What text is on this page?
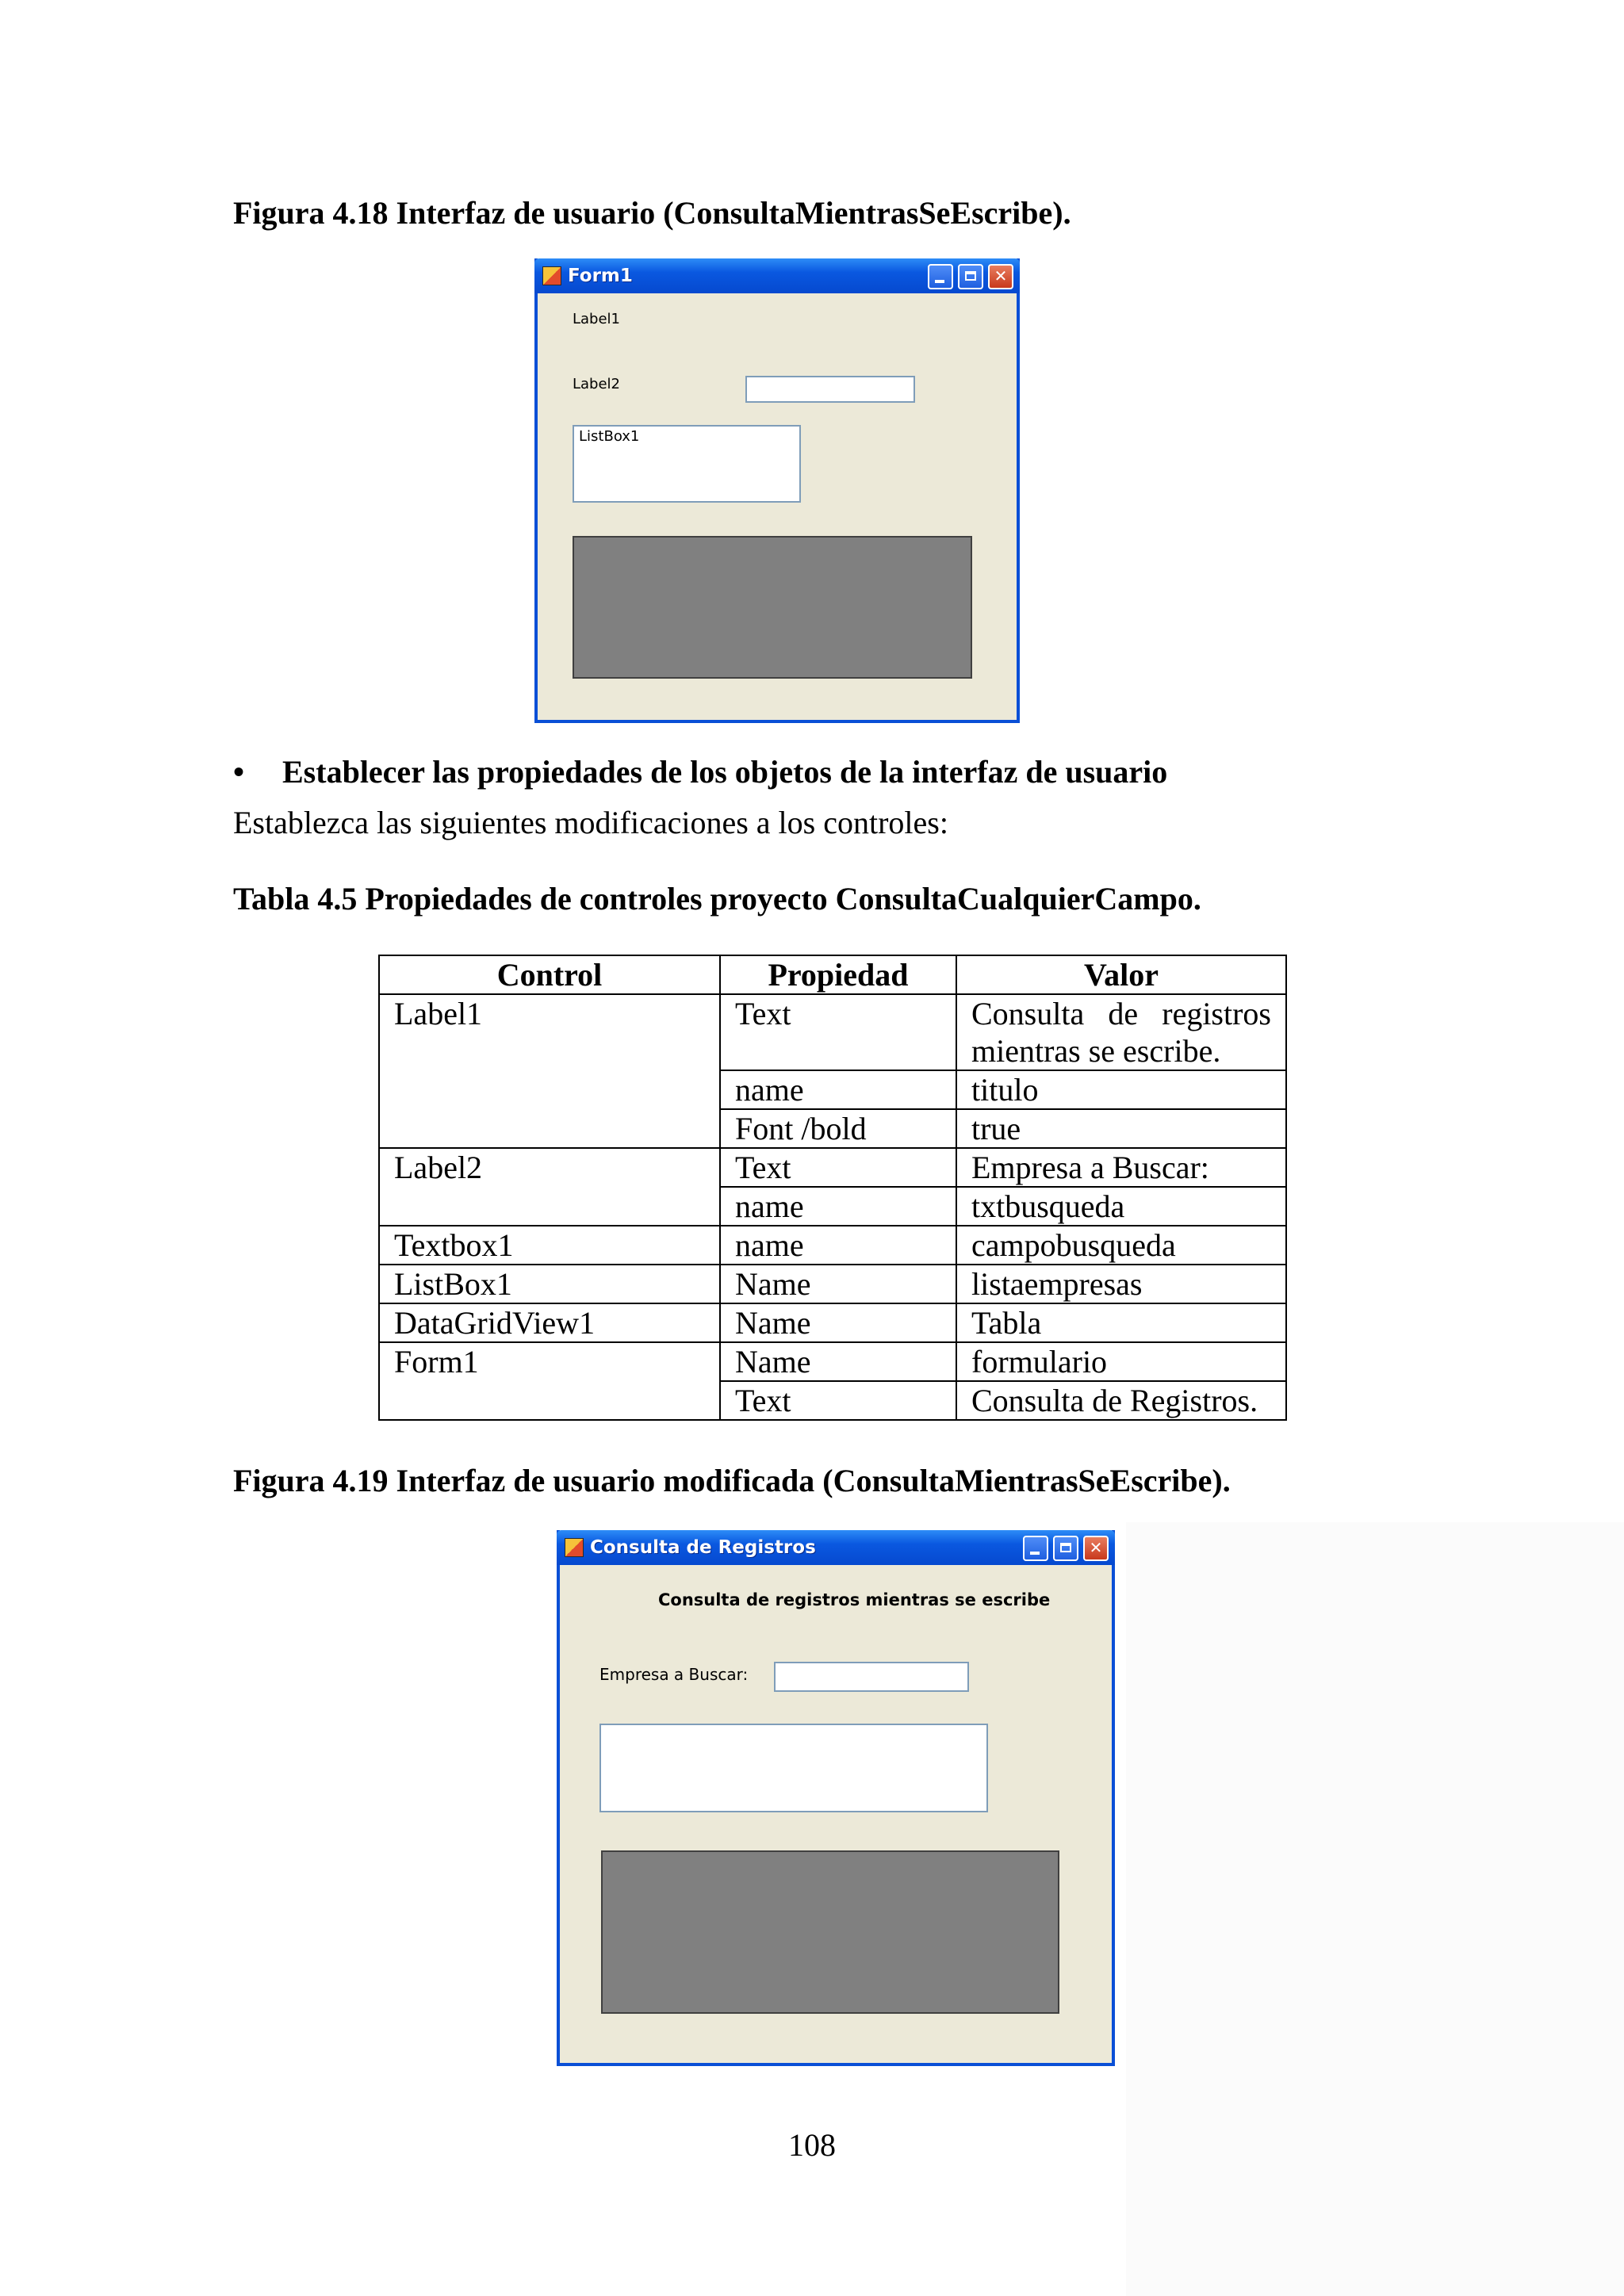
Figura 4.18 Interfaz de usuario (ConsultaMientrasSeEscribe).
Form1	✕
Label1
Label2
ListBox1
• Establecer las propiedades de los objetos de la interfaz de usuario
Establezca las siguientes modificaciones a los controles:
Tabla 4.5 Propiedades de controles proyecto ConsultaCualquierCampo.
Control	Propiedad	Valor
Label1	Text	Consulta de registros mientras se escribe.
	name	titulo
	Font /bold	true
Label2	Text	Empresa a Buscar:
	name	txtbusqueda
Textbox1	name	campobusqueda
ListBox1	Name	listaempresas
DataGridView1	Name	Tabla
Form1	Name	formulario
	Text	Consulta de Registros.
Figura 4.19 Interfaz de usuario modificada (ConsultaMientrasSeEscribe).
Consulta de Registros	✕
Consulta de registros mientras se escribe
Empresa a Buscar:
108
